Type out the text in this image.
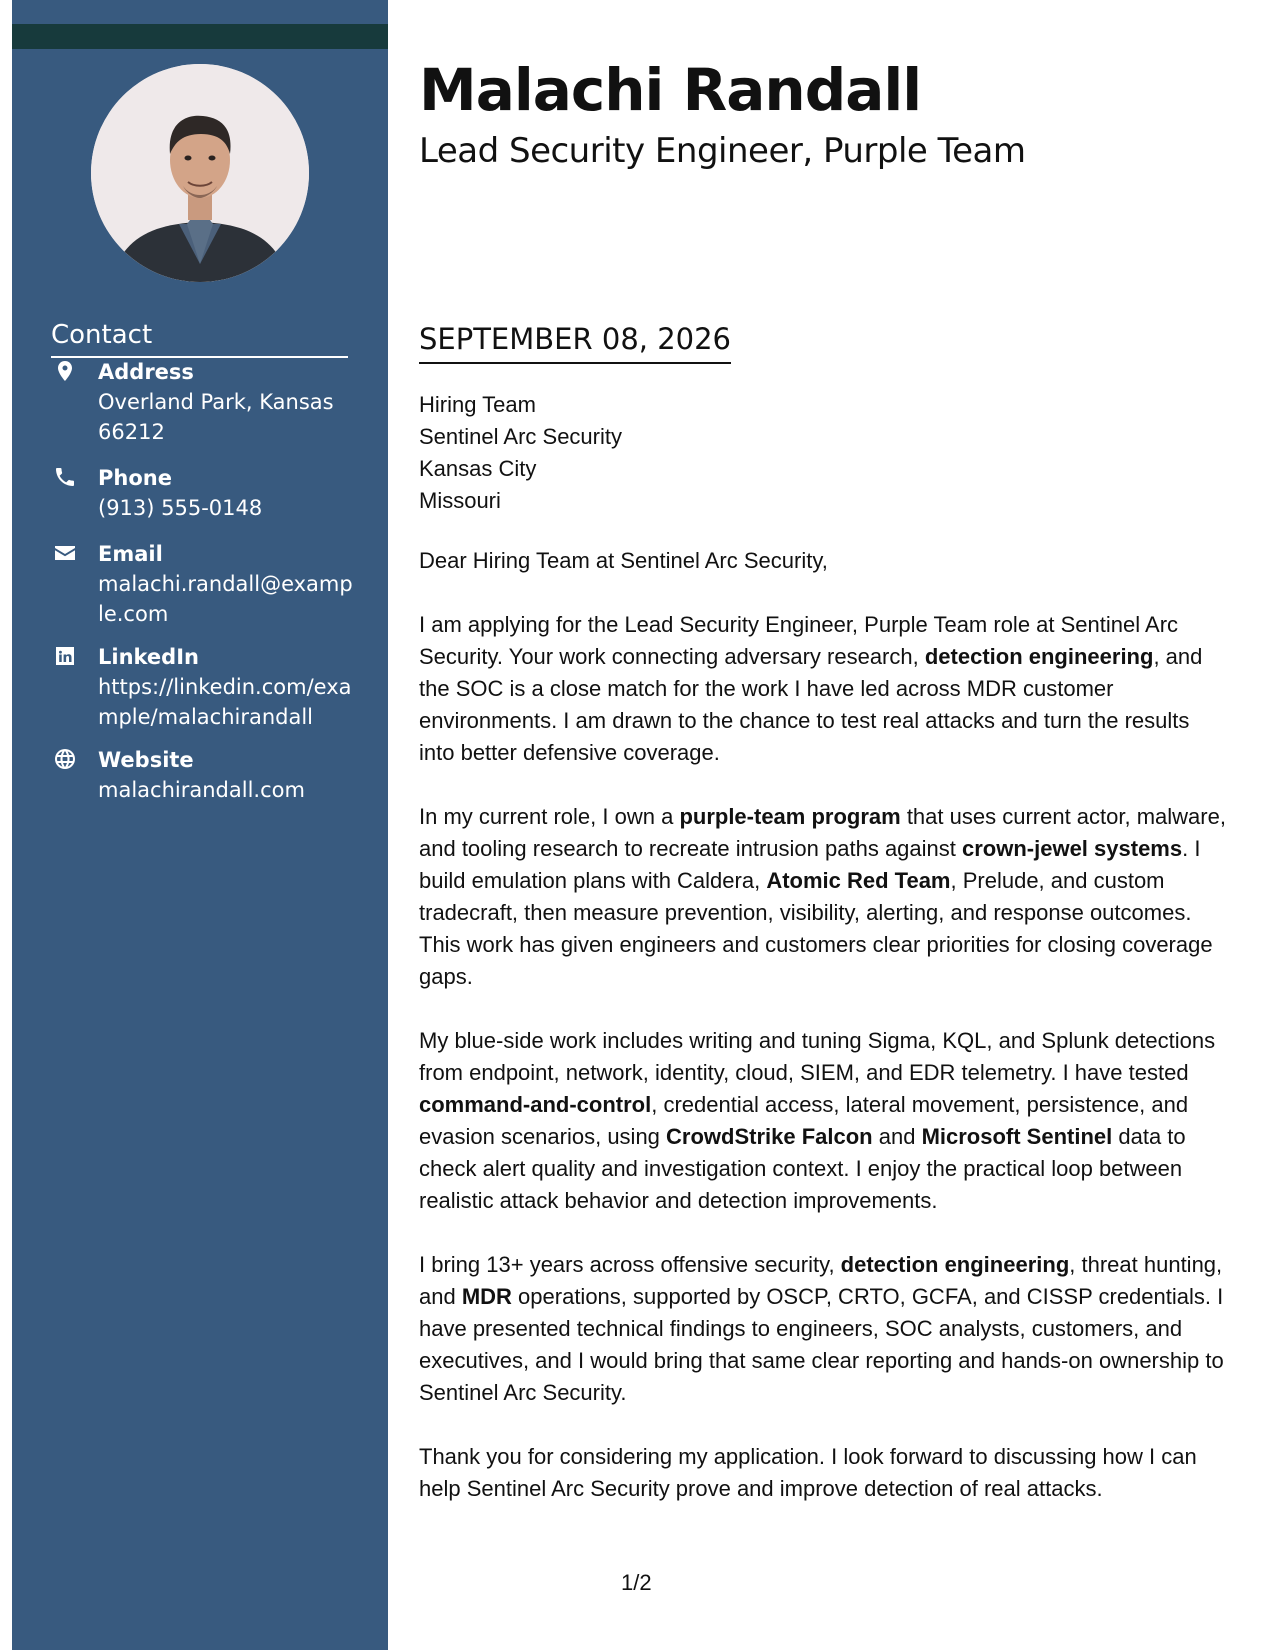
Contact
Address
Overland Park, Kansas 66212
Phone
(913) 555-0148
Email
malachi.randall@example.com
LinkedIn
https://linkedin.com/example/malachirandall
Website
malachirandall.com
Malachi Randall
Lead Security Engineer, Purple Team
SEPTEMBER 08, 2026
Hiring Team
Sentinel Arc Security
Kansas City
Missouri

Dear Hiring Team at Sentinel Arc Security,

I am applying for the Lead Security Engineer, Purple Team role at Sentinel Arc Security. Your work connecting adversary research, detection engineering, and the SOC is a close match for the work I have led across MDR customer environments. I am drawn to the chance to test real attacks and turn the results into better defensive coverage.

In my current role, I own a purple-team program that uses current actor, malware, and tooling research to recreate intrusion paths against crown-jewel systems. I build emulation plans with Caldera, Atomic Red Team, Prelude, and custom tradecraft, then measure prevention, visibility, alerting, and response outcomes. This work has given engineers and customers clear priorities for closing coverage gaps.

My blue-side work includes writing and tuning Sigma, KQL, and Splunk detections from endpoint, network, identity, cloud, SIEM, and EDR telemetry. I have tested command-and-control, credential access, lateral movement, persistence, and evasion scenarios, using CrowdStrike Falcon and Microsoft Sentinel data to check alert quality and investigation context. I enjoy the practical loop between realistic attack behavior and detection improvements.

I bring 13+ years across offensive security, detection engineering, threat hunting, and MDR operations, supported by OSCP, CRTO, GCFA, and CISSP credentials. I have presented technical findings to engineers, SOC analysts, customers, and executives, and I would bring that same clear reporting and hands-on ownership to Sentinel Arc Security.

Thank you for considering my application. I look forward to discussing how I can help Sentinel Arc Security prove and improve detection of real attacks.

1/2
